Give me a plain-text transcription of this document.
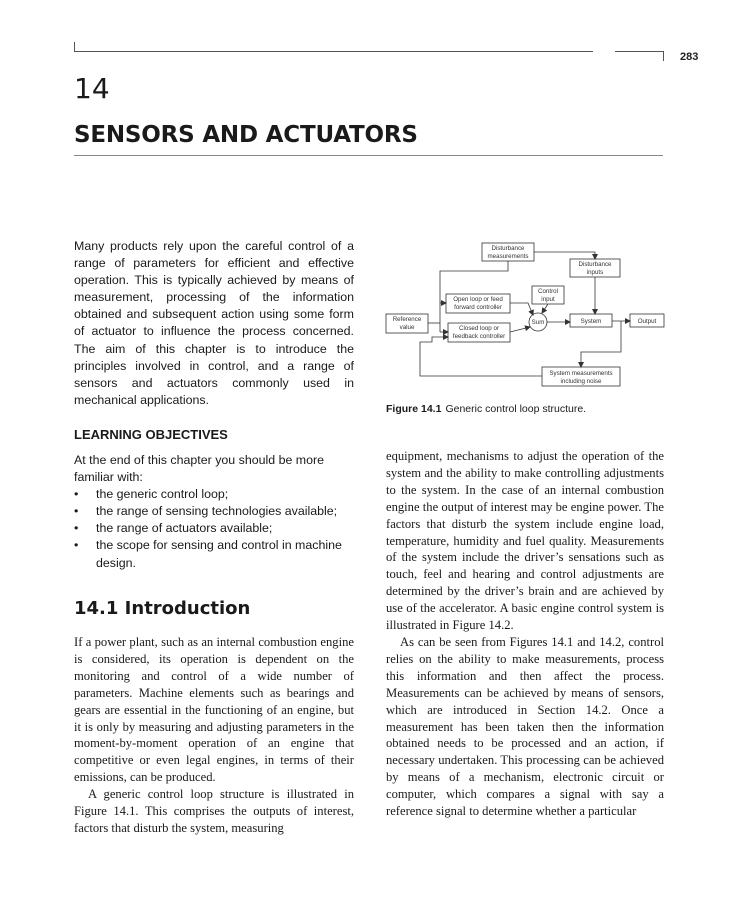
283
14
SENSORS AND ACTUATORS

Many products rely upon the careful control of a range of parameters for efficient and effective operation. This is typically achieved by means of measurement, processing of the information obtained and subsequent action using some form of actuator to influence the process concerned. The aim of this chapter is to introduce the principles involved in control, and a range of sensors and actuators commonly used in mechanical applications.

LEARNING OBJECTIVES

At the end of this chapter you should be more familiar with:

• the generic control loop;
• the range of sensing technologies available;
• the range of actuators available;
• the scope for sensing and control in machine design.
14.1 Introduction

If a power plant, such as an internal combustion engine is considered, its operation is dependent on the monitoring and control of a wide number of parameters. Machine elements such as bearings and gears are essential in the functioning of an engine, but it is only by measuring and adjusting parameters in the moment-by-moment operation of an engine that competitive or even legal engines, in terms of their emissions, can be produced.

A generic control loop structure is illustrated in Figure 14.1. This comprises the outputs of interest, factors that disturb the system, measuring

equipment, mechanisms to adjust the operation of the system and the ability to make controlling adjustments to the system. In the case of an internal combustion engine the output of interest may be engine power. The factors that disturb the system include engine load, temperature, humidity and fuel quality. Measurements of the system include the driver’s sensations such as touch, feel and hearing and control adjustments are determined by the driver’s brain and are achieved by use of the accelerator. A basic engine control system is illustrated in Figure 14.2.

As can be seen from Figures 14.1 and 14.2, control relies on the ability to make measurements, process this information and then affect the process. Measurements can be achieved by means of sensors, which are introduced in Section 14.2. Once a measurement has been taken then the information obtained needs to be processed and an action, if necessary undertaken. This processing can be achieved by means of a mechanism, electronic circuit or computer, which compares a signal with say a reference signal to determine whether a particular

Disturbance
measurements
Disturbance
inputs
Control
input
Open loop or feed
forward controller
Reference
value	Closed loop or
feedback controller
Sum	System	Output
System measurements
including noise
Figure 14.1 Generic control loop structure.
